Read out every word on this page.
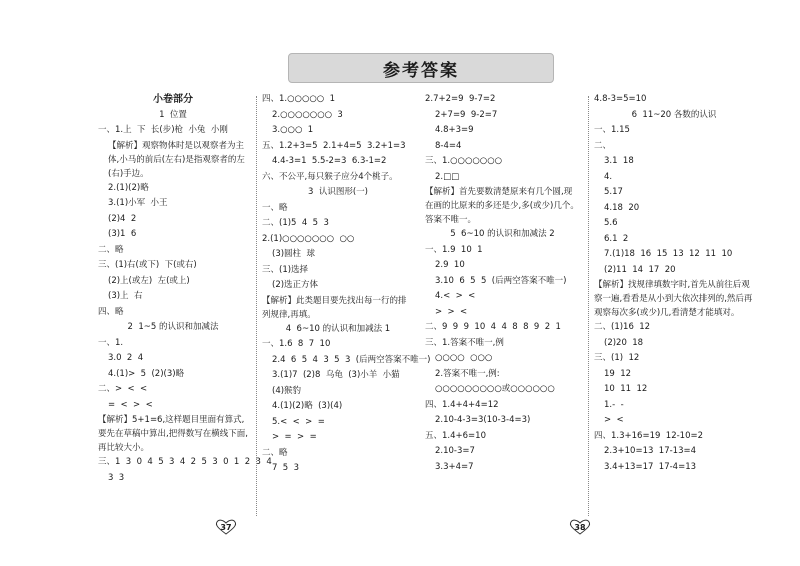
参考答案
小卷部分
1  位置
一、1.上  下  长(步)枪  小兔  小刚
【解析】观察物体时是以观察者为主体,小马的前后(左右)是指观察者的左(右)手边。
2.(1)(2)略
3.(1)小军  小王
(2)4  2
(3)1  6
二、略
三、(1)右(或下)  下(或右)
(2)上(或左)  左(或上)
(3)上  右
四、略
2  1~5 的认识和加减法
一、1.
3.0  2  4
4.(1)>  5  (2)(3)略
二、>  <  <
=  <  >  <
【解析】5+1=6,这样题目里面有算式,要先在草稿中算出,把得数写在横线下面,再比较大小。
三、1  3  0  4  5  3  4  2  5  3  0  1  2  3  4
3  3
四、1.○○○○○  1
2.○○○○○○○  3
3.○○○  1
五、1.2+3=5  2.1+4=5  3.2+1=3
4.4-3=1  5.5-2=3  6.3-1=2
六、不公平,每只猴子应分4个桃子。
3  认识图形(一)
一、略
二、(1)5  4  5  3
2.(1)○○○○○○○  ○○
(3)圆柱  球
三、(1)选择
(2)选正方体
【解析】此类题目要先找出每一行的排列规律,再填。
4  6~10 的认识和加减法 1
一、1.6  8  7  10
2.4  6  5  4  3  5  3  (后两空答案不唯一)
3.(1)7  (2)8  乌龟  (3)小羊  小猫
(4)猴豹
4.(1)(2)略  (3)(4)
5.<  <  >  =
>  =  >  =
二、略
7  5  3
2.7+2=9  9-7=2
2+7=9  9-2=7
4.8+3=9
8-4=4
三、1.○○○○○○○
2.□□
【解析】首先要数清楚原来有几个圆,现在画的比原来的多还是少,多(或少)几个。答案不唯一。
5  6~10 的认识和加减法 2
一、1.9  10  1
2.9  10
3.10  6  5  5  (后两空答案不唯一)
4.<  >  <
>  >  <
二、9  9  9  10  4  4  8  8  9  2  1
三、1.答案不唯一,例
○○○○  ○○○
2.答案不唯一,例:
○○○○○○○○○或○○○○○○
四、1.4+4+4=12
2.10-4-3=3(10-3-4=3)
五、1.4+6=10
2.10-3=7
3.3+4=7
4.8-3=5=10
6  11~20 各数的认识
一、1.15
二、
3.1  18
4.
5.17
4.18  20
5.6
6.1  2
7.(1)18  16  15  13  12  11  10
(2)11  14  17  20
【解析】找规律填数字时,首先从前往后观察一遍,看看是从小到大依次排列的,然后再观察每次多(或少)几,看清楚才能填对。
二、(1)16  12
(2)20  18
三、(1)  12
19  12
10  11  12
1.-  -
>  <
四、1.3+16=19  12-10=2
2.3+10=13  17-13=4
3.4+13=17  17-4=13
37	38
